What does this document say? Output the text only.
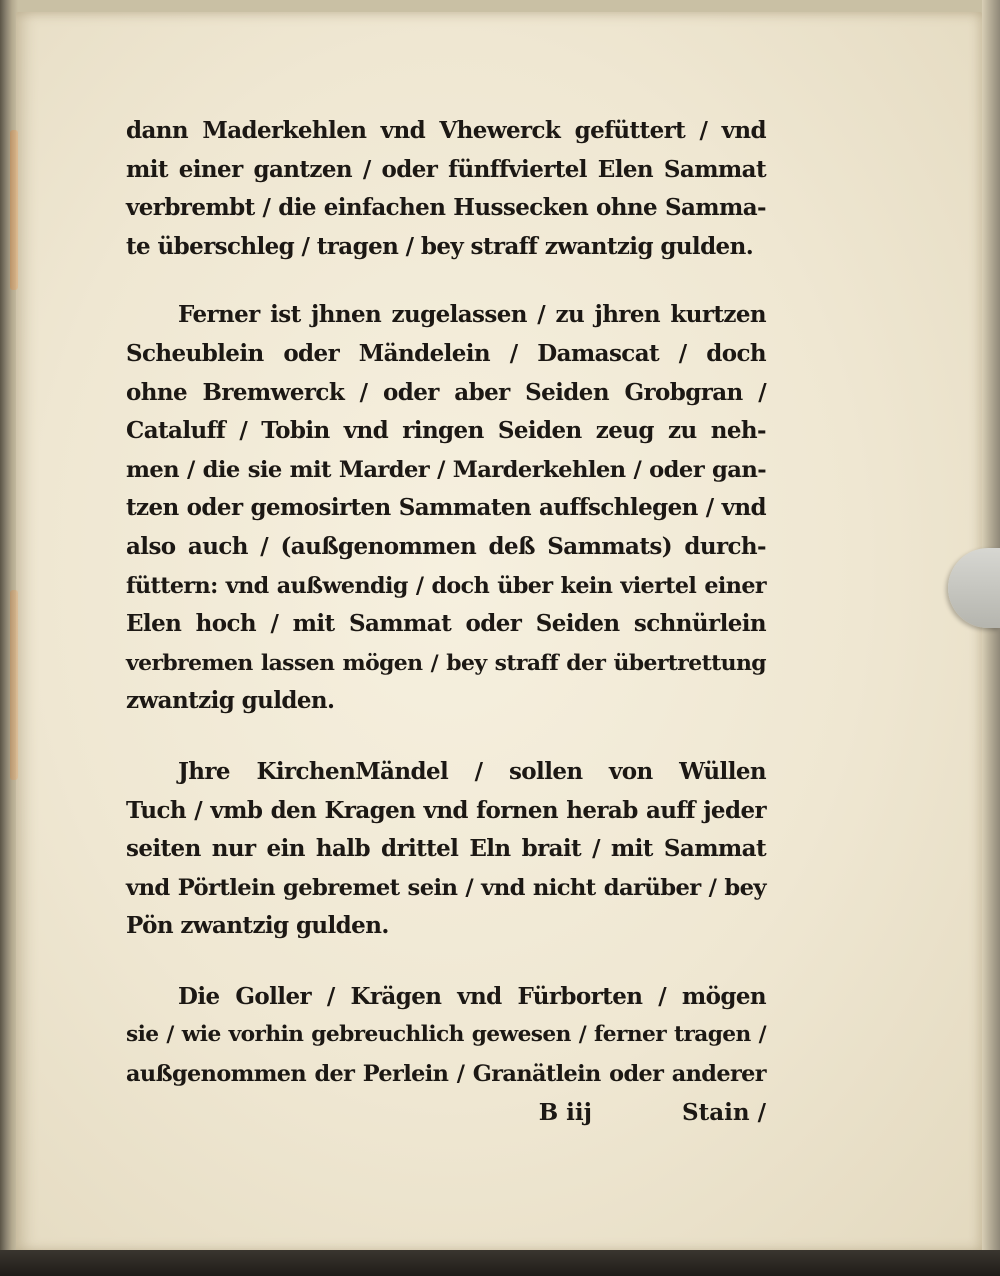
dann Maderkehlen vnd Vhewerck gefüttert / vnd
mit einer gantzen / oder fünffviertel Elen Sammat
verbrembt / die einfachen Hussecken ohne Samma-
te überschleg / tragen / bey straff zwantzig gulden.
Ferner ist jhnen zugelassen / zu jhren kurtzen
Scheublein oder Mändelein / Damascat / doch
ohne Bremwerck / oder aber Seiden Grobgran /
Cataluff / Tobin vnd ringen Seiden zeug zu neh-
men / die sie mit Marder / Marderkehlen / oder gan-
tzen oder gemosirten Sammaten auffschlegen / vnd
also auch / (außgenommen deß Sammats) durch-
füttern: vnd außwendig / doch über kein viertel einer
Elen hoch / mit Sammat oder Seiden schnürlein
verbremen lassen mögen / bey straff der übertrettung
zwantzig gulden.
Jhre KirchenMändel / sollen von Wüllen
Tuch / vmb den Kragen vnd fornen herab auff jeder
seiten nur ein halb drittel Eln brait / mit Sammat
vnd Pörtlein gebremet sein / vnd nicht darüber / bey
Pön zwantzig gulden.
Die Goller / Krägen vnd Fürborten / mögen
sie / wie vorhin gebreuchlich gewesen / ferner tragen /
außgenommen der Perlein / Granätlein oder anderer
B iij	Stain /
